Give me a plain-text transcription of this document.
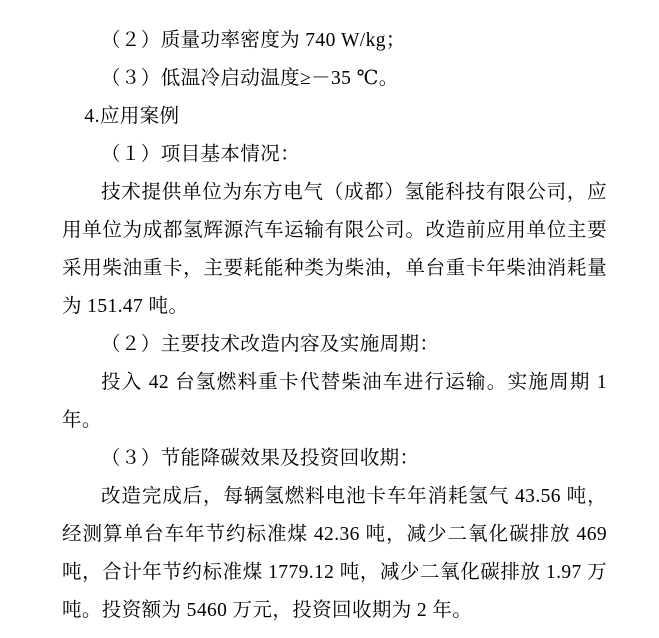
（２）质量功率密度为 740 W/kg；

（３）低温冷启动温度≥－35 ℃。

4.应用案例

（１）项目基本情况：

技术提供单位为东方电气（成都）氢能科技有限公司，应用单位为成都氢辉源汽车运输有限公司。改造前应用单位主要采用柴油重卡，主要耗能种类为柴油，单台重卡年柴油消耗量为 151.47 吨。

（２）主要技术改造内容及实施周期：

投入 42 台氢燃料重卡代替柴油车进行运输。实施周期 1 年。

（３）节能降碳效果及投资回收期：

改造完成后，每辆氢燃料电池卡车年消耗氢气 43.56 吨，经测算单台车年节约标准煤 42.36 吨，减少二氧化碳排放 469 吨，合计年节约标准煤 1779.12 吨，减少二氧化碳排放 1.97 万吨。投资额为 5460 万元，投资回收期为 2 年。
